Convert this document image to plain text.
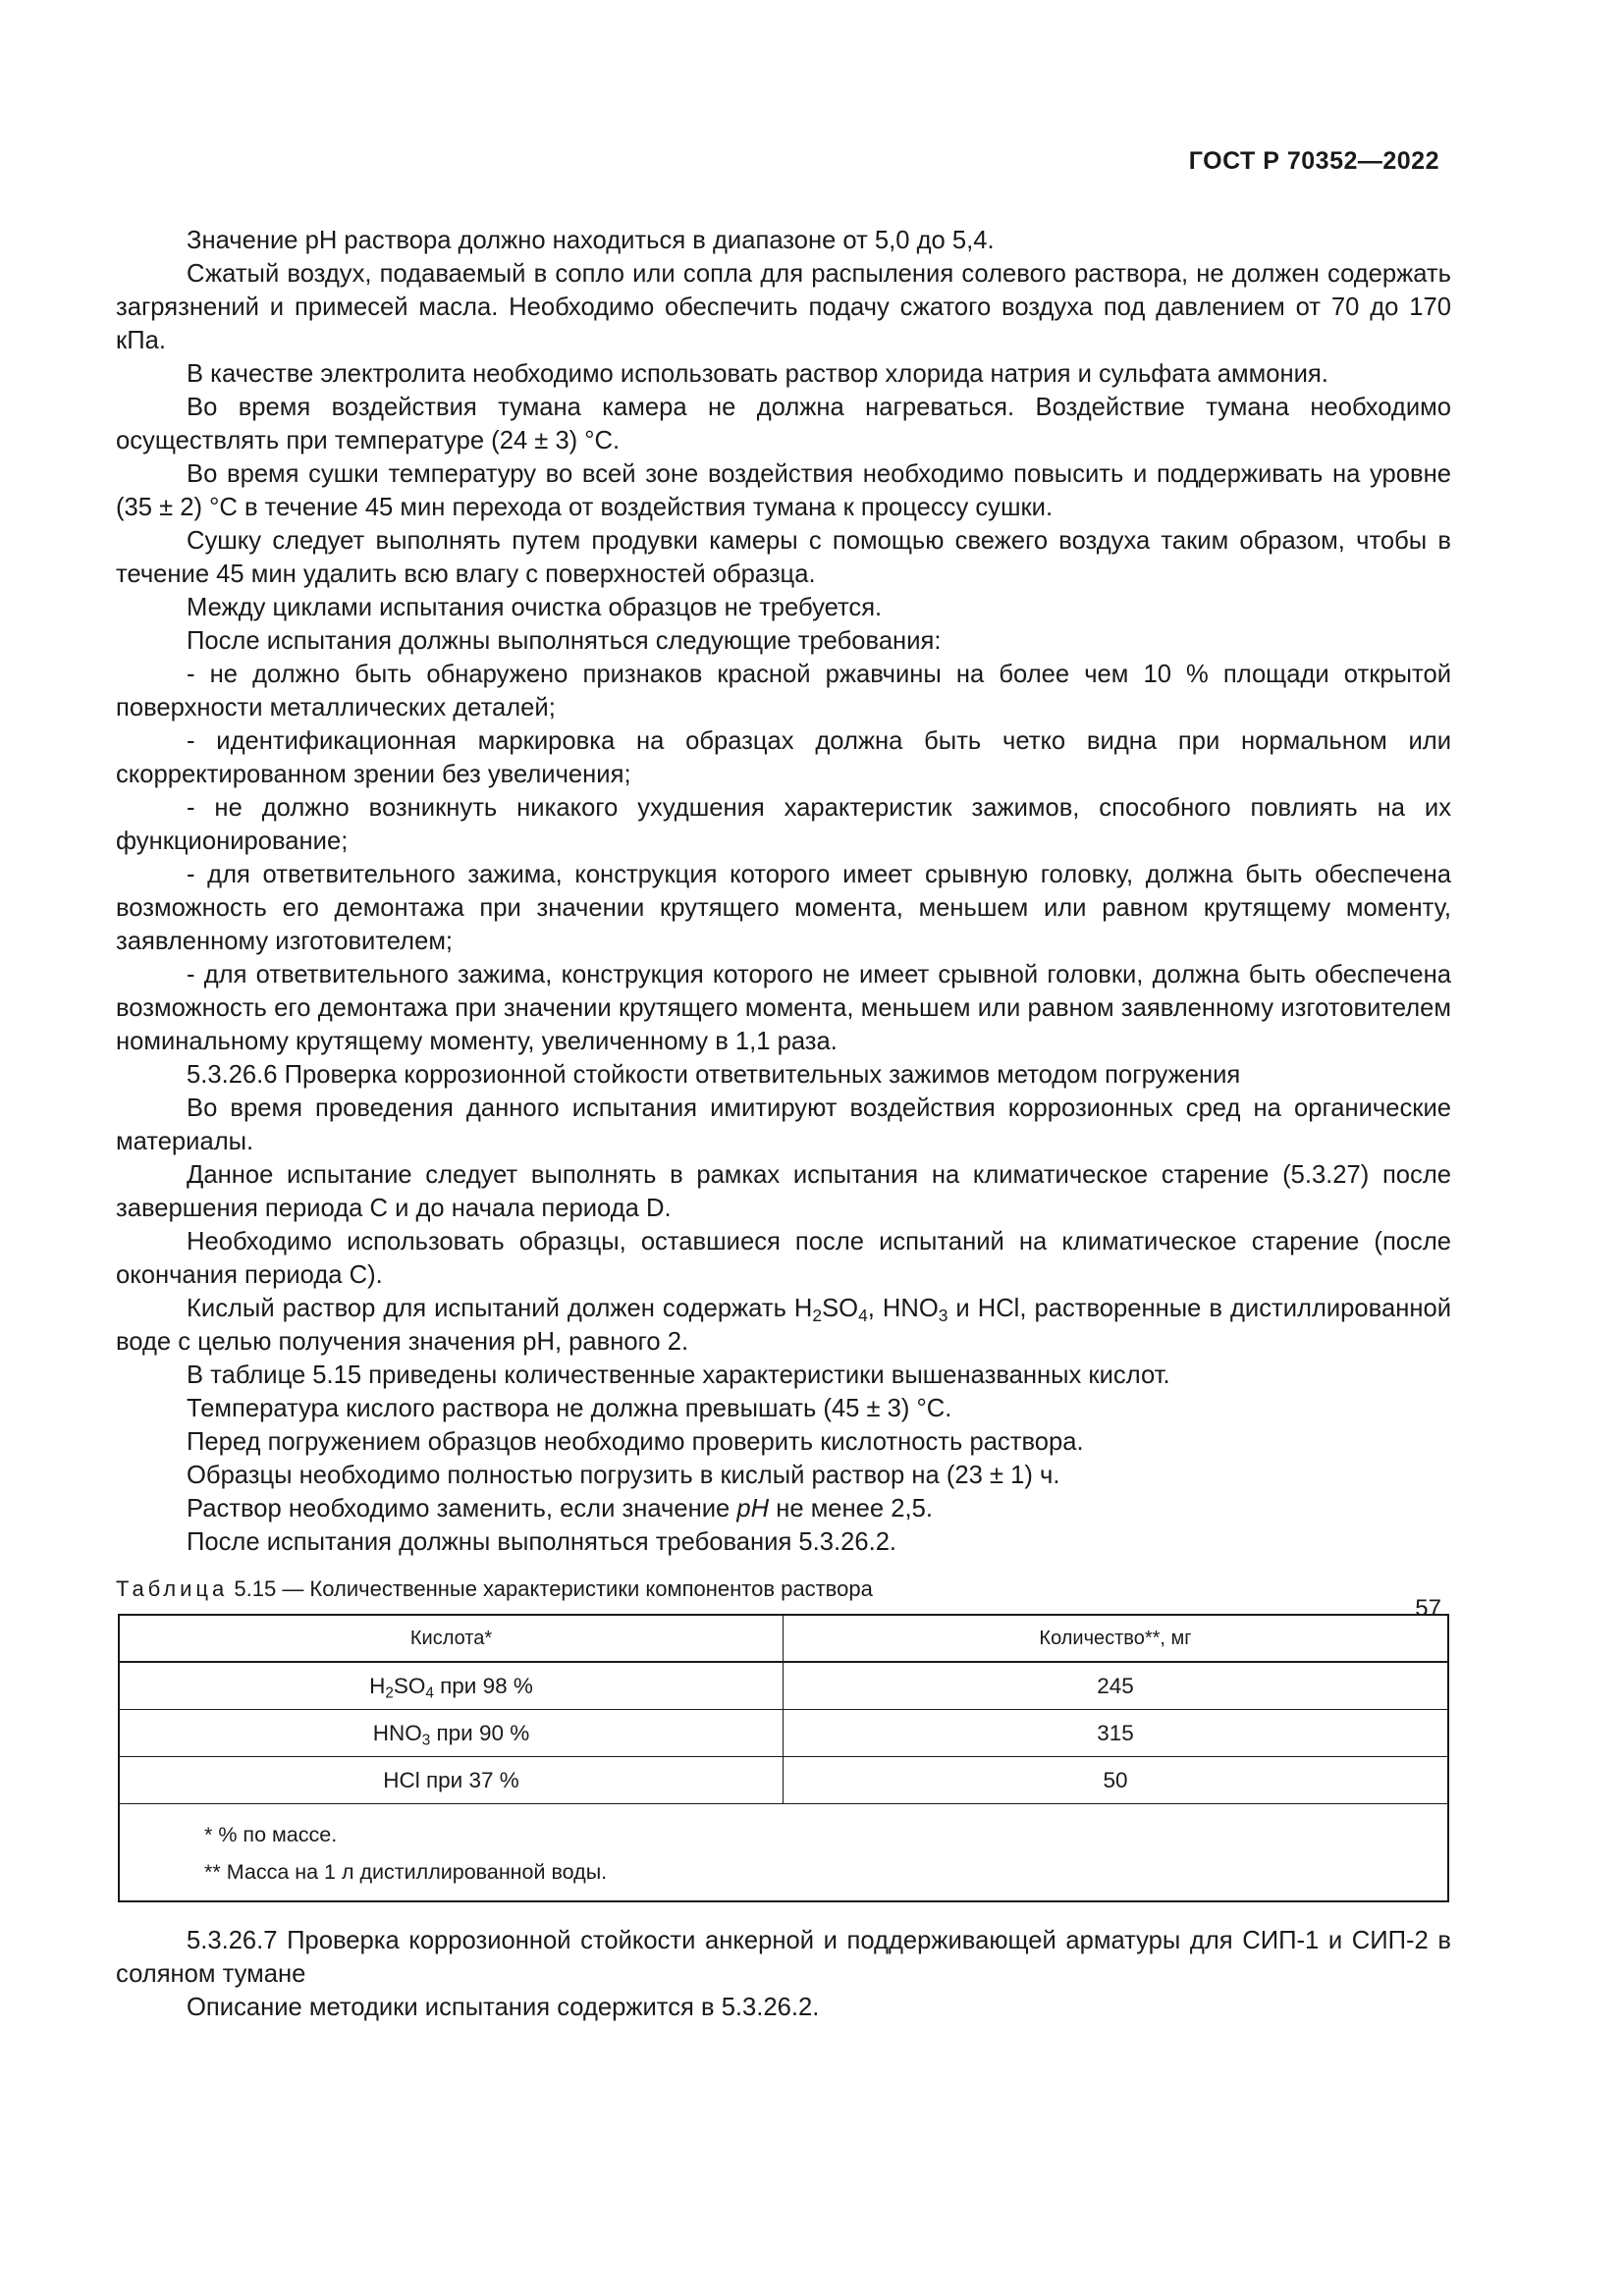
ГОСТ Р 70352—2022

Значение pH раствора должно находиться в диапазоне от 5,0 до 5,4.

Сжатый воздух, подаваемый в сопло или сопла для распыления солевого раствора, не должен содержать загрязнений и примесей масла. Необходимо обеспечить подачу сжатого воздуха под давлением от 70 до 170 кПа.

В качестве электролита необходимо использовать раствор хлорида натрия и сульфата аммония.

Во время воздействия тумана камера не должна нагреваться. Воздействие тумана необходимо осуществлять при температуре (24 ± 3) °С.

Во время сушки температуру во всей зоне воздействия необходимо повысить и поддерживать на уровне (35 ± 2) °С в течение 45 мин перехода от воздействия тумана к процессу сушки.

Сушку следует выполнять путем продувки камеры с помощью свежего воздуха таким образом, чтобы в течение 45 мин удалить всю влагу с поверхностей образца.

Между циклами испытания очистка образцов не требуется.

После испытания должны выполняться следующие требования:

- не должно быть обнаружено признаков красной ржавчины на более чем 10 % площади открытой поверхности металлических деталей;

- идентификационная маркировка на образцах должна быть четко видна при нормальном или скорректированном зрении без увеличения;

- не должно возникнуть никакого ухудшения характеристик зажимов, способного повлиять на их функционирование;

- для ответвительного зажима, конструкция которого имеет срывную головку, должна быть обеспечена возможность его демонтажа при значении крутящего момента, меньшем или равном крутящему моменту, заявленному изготовителем;

- для ответвительного зажима, конструкция которого не имеет срывной головки, должна быть обеспечена возможность его демонтажа при значении крутящего момента, меньшем или равном заявленному изготовителем номинальному крутящему моменту, увеличенному в 1,1 раза.

5.3.26.6 Проверка коррозионной стойкости ответвительных зажимов методом погружения

Во время проведения данного испытания имитируют воздействия коррозионных сред на органические материалы.

Данное испытание следует выполнять в рамках испытания на климатическое старение (5.3.27) после завершения периода С и до начала периода D.

Необходимо использовать образцы, оставшиеся после испытаний на климатическое старение (после окончания периода С).

Кислый раствор для испытаний должен содержать $H_2SO_4$, $HNO_3$ и HCl, растворенные в дистиллированной воде с целью получения значения pH, равного 2.

В таблице 5.15 приведены количественные характеристики вышеназванных кислот.

Температура кислого раствора не должна превышать (45 ± 3) °С.

Перед погружением образцов необходимо проверить кислотность раствора.

Образцы необходимо полностью погрузить в кислый раствор на (23 ± 1) ч.

Раствор необходимо заменить, если значение pH не менее 2,5.

После испытания должны выполняться требования 5.3.26.2.

Таблица 5.15 — Количественные характеристики компонентов раствора
Кислота*	Количество**, мг
$H_2SO_4$ при 98 %	245
$HNO_3$ при 90 %	315
HCl при 37 %	50

* % по массе.
** Масса на 1 л дистиллированной воды.	

5.3.26.7 Проверка коррозионной стойкости анкерной и поддерживающей арматуры для СИП-1 и СИП-2 в соляном тумане

Описание методики испытания содержится в 5.3.26.2.

57
